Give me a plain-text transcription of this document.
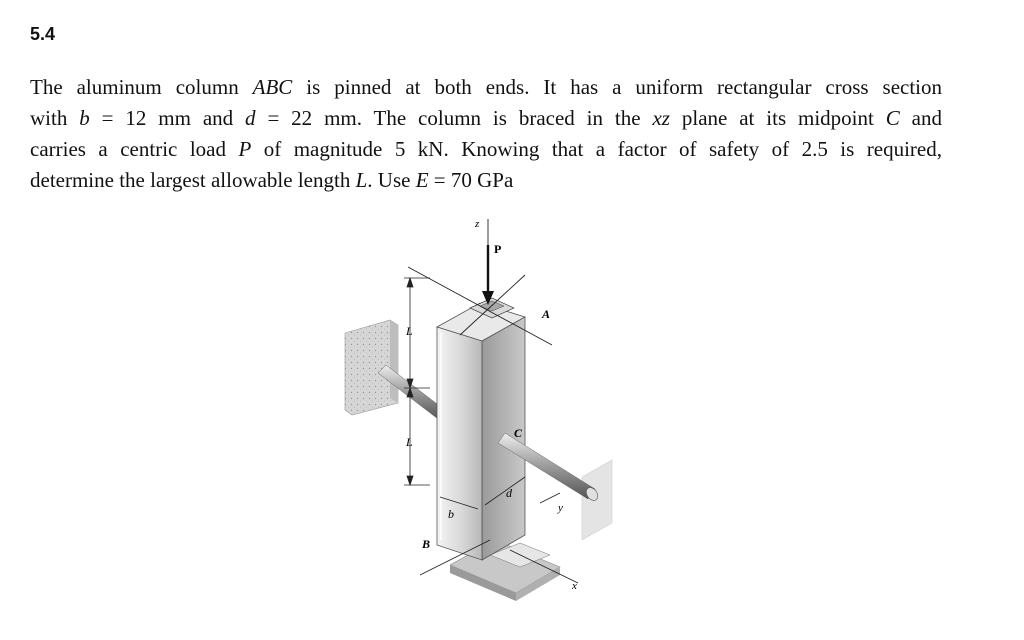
5.4
The aluminum column ABC is pinned at both ends. It has a uniform rectangular cross section
with b = 12 mm and d = 22 mm. The column is braced in the xz plane at its midpoint C and
carries a centric load P of magnitude 5 kN. Knowing that a factor of safety of 2.5 is required,
determine the largest allowable length L. Use E = 70 GPa
z
P
A
L
L
C
d
b	y
B
x
